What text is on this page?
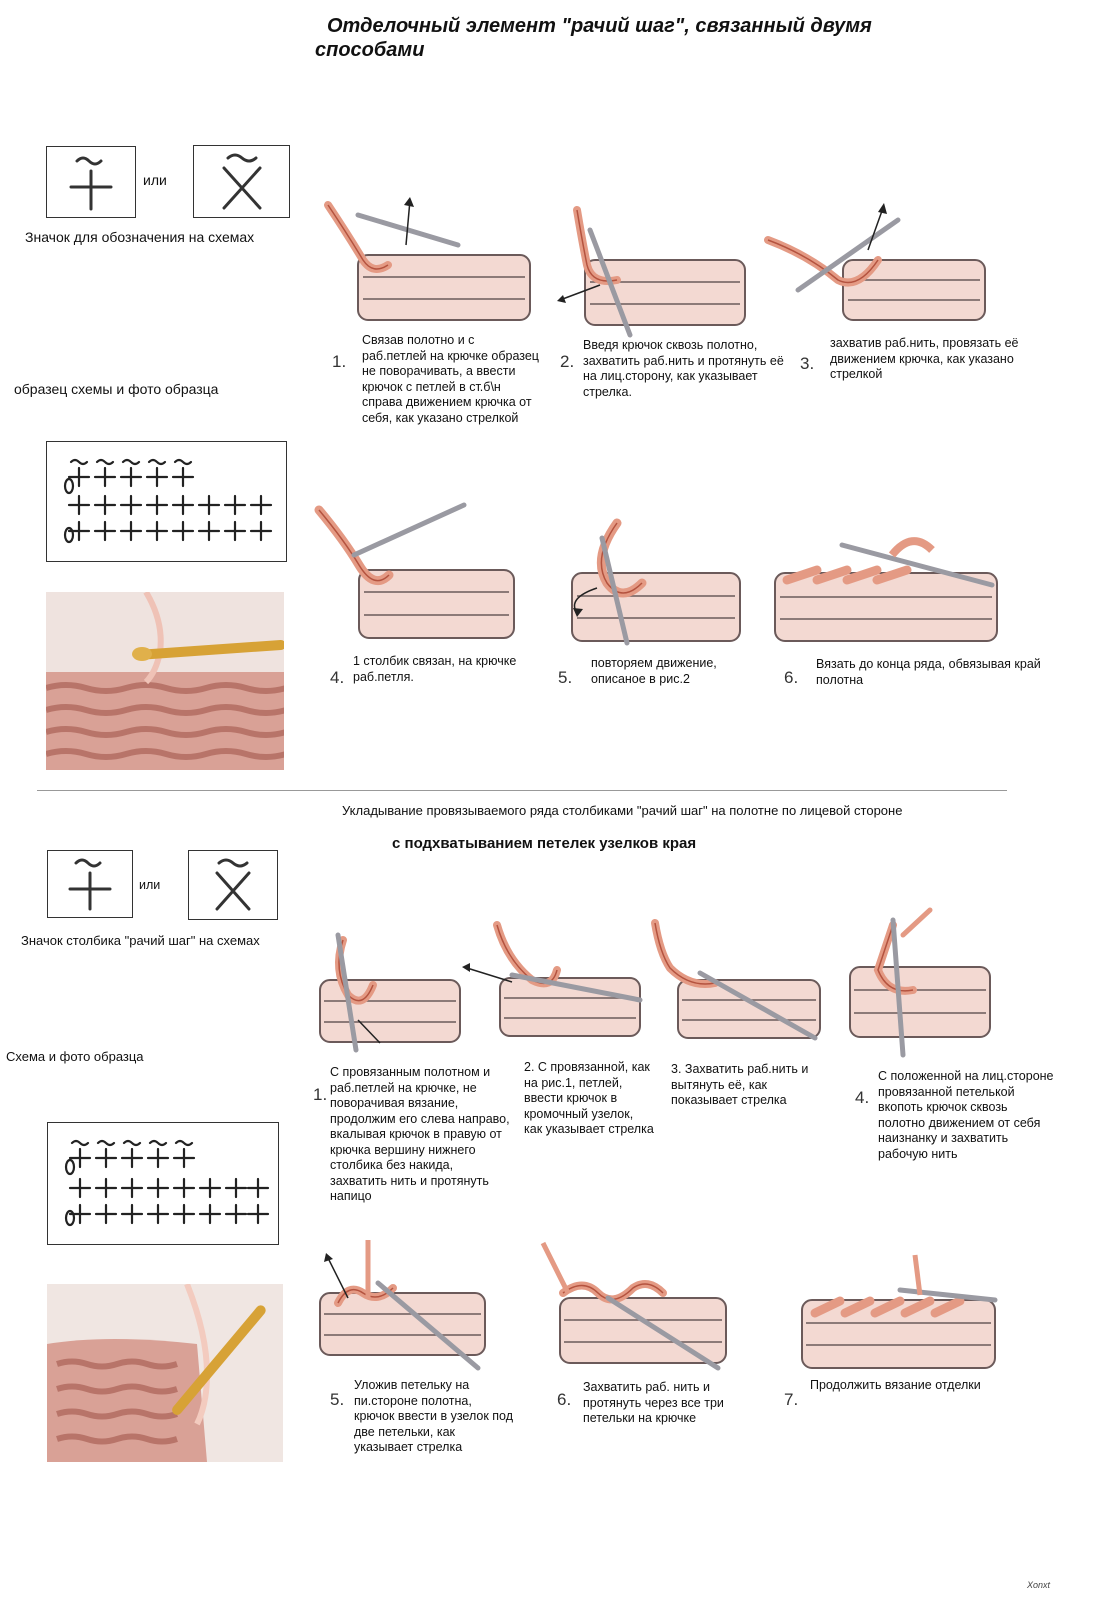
Отделочный элемент "рачий шаг", связанный двумя
способами
или
Значок для обозначения на схемах
образец схемы и фото образца
1.
Связав полотно и с раб.петлей на крючке образец не поворачивать, а ввести крючок с петлей в ст.б\н справа движением крючка от себя, как указано стрелкой
2.
Введя крючок сквозь полотно, захватить раб.нить и протянуть её на лиц.сторону, как указывает стрелка.
3.
захватив раб.нить, провязать её движением крючка, как указано стрелкой
1 столбик связан, на крючке раб.петля.
4.	5.
повторяем движение, описаное в рис.2	6.
Вязать до конца ряда, обвязывая край полотна
Укладывание провязываемого ряда столбиками "рачий шаг" на полотне по лицевой стороне
с подхватыванием петелек узелков края
или
Значок столбика "рачий шаг" на схемах
Схема и фото образца
1.
С провязанным полотном и раб.петлей на крючке, не поворачивая вязание, продолжим его слева направо, вкалывая крючок в правую от крючка вершину нижнего столбика без накида, захватить нить и протянуть напицо
2. С провязанной, как на рис.1, петлей, ввести крючок в кромочный узелок, как указывает стрелка
3. Захватить раб.нить и вытянуть её, как показывает стрелка	4.
С положенной на лиц.стороне провязанной петелькой вкопоть крючок сквозь полотно движением от себя наизнанку и захватить рабочую нить
5.
Уложив петельку на пи.стороне полотна, крючок ввести в узелок под две петельки, как указывает стрелка
6.
Захватить раб. нить и протянуть через все три петельки на крючке
7.
Продолжить вязание отделки
Xonxt
